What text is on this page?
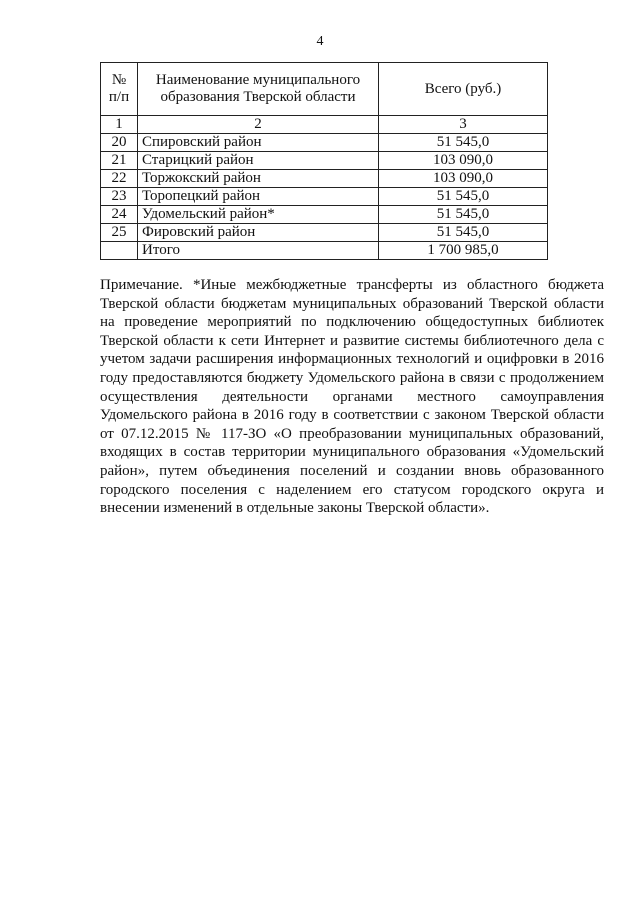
4
№ п/п	Наименование муниципального образования Тверской области	Всего (руб.)
1	2	3
20	Спировский район	51 545,0
21	Старицкий район	103 090,0
22	Торжокский район	103 090,0
23	Торопецкий район	51 545,0
24	Удомельский район*	51 545,0
25	Фировский район	51 545,0
	Итого	1 700 985,0

Примечание. *Иные межбюджетные трансферты из областного бюджета Тверской области бюджетам муниципальных образований Тверской области на проведение мероприятий по подключению общедоступных библиотек Тверской области к сети Интернет и развитие системы библиотечного дела с учетом задачи расширения информационных технологий и оцифровки в 2016 году предоставляются бюджету Удомельского района в связи с продолжением осуществления деятельности органами местного самоуправления Удомельского района в 2016 году в соответствии с законом Тверской области от 07.12.2015 № 117-ЗО «О преобразовании муниципальных образований, входящих в состав территории муниципального образования «Удомельский район», путем объединения поселений и создании вновь образованного городского поселения с наделением его статусом городского округа и внесении изменений в отдельные законы Тверской области».
